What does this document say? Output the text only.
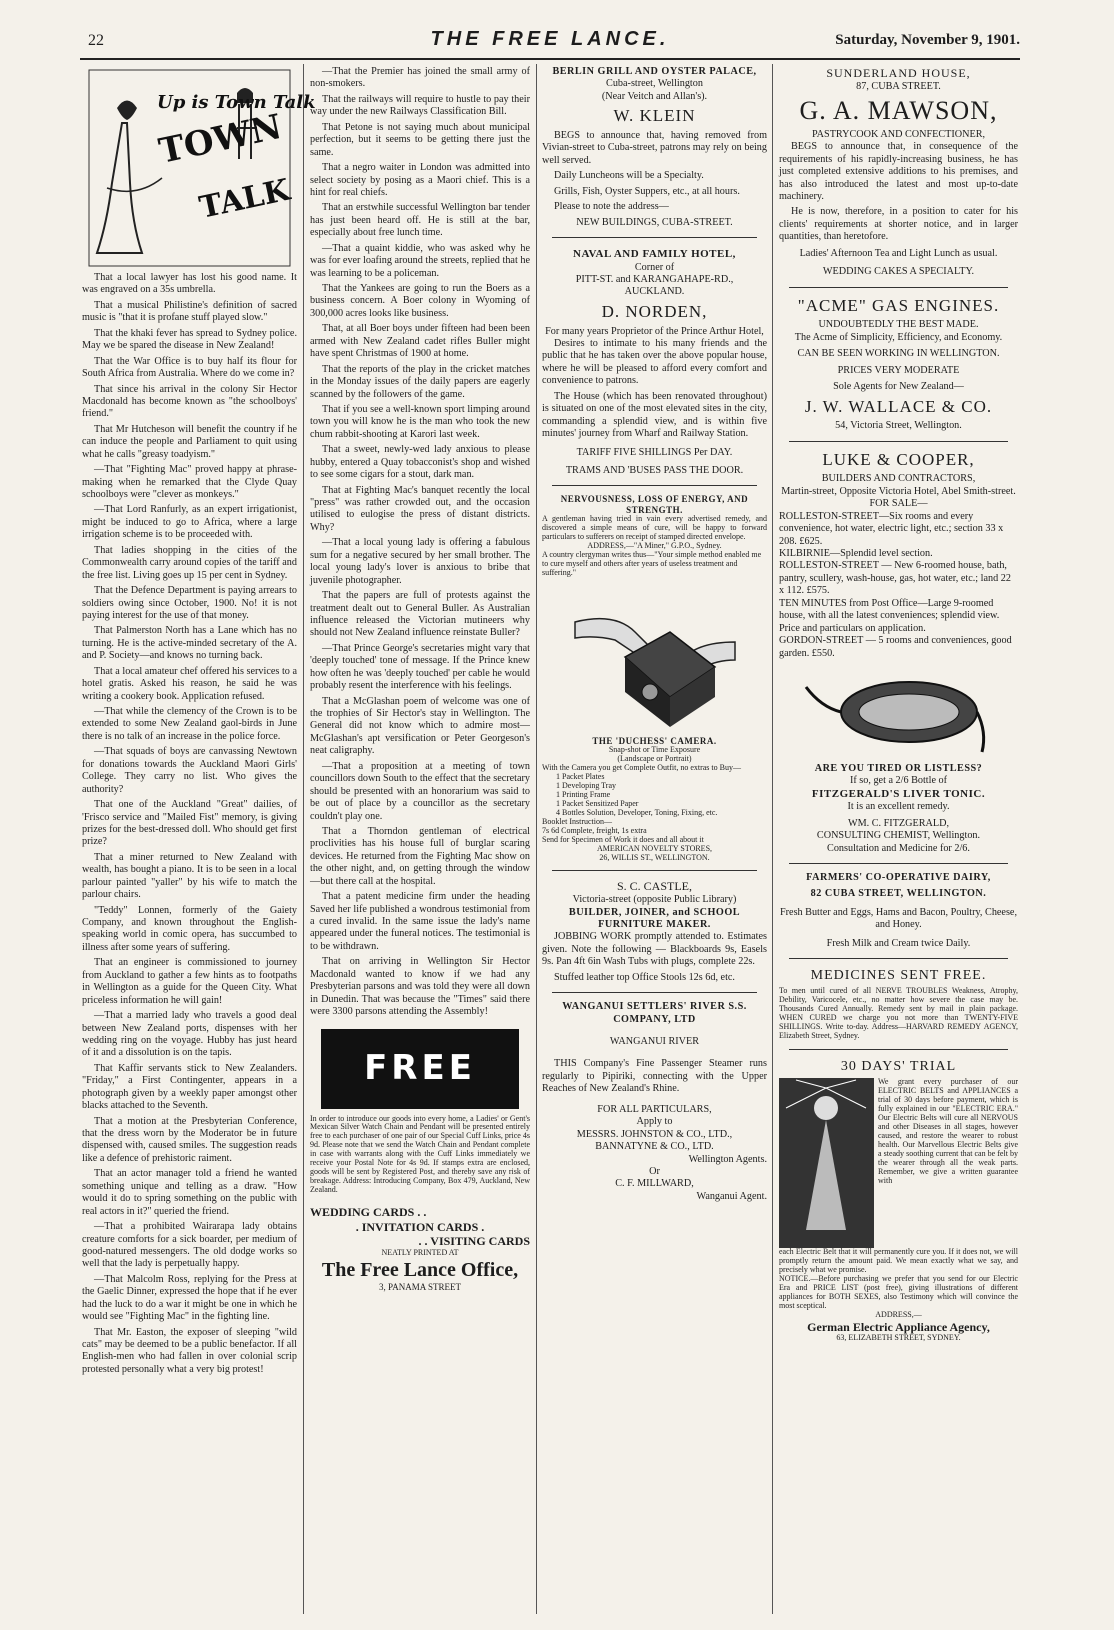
22	THE FREE LANCE.	Saturday, November 9, 1901.
Up is Town Talk
TOWN
TALK

That a local lawyer has lost his good name. It was engraved on a 35s umbrella.

That a musical Philistine's definition of sacred music is "that it is profane stuff played slow."

That the khaki fever has spread to Sydney police. May we be spared the disease in New Zealand!

That the War Office is to buy half its flour for South Africa from Australia. Where do we come in?

That since his arrival in the colony Sir Hector Macdonald has become known as "the schoolboys' friend."

That Mr Hutcheson will benefit the country if he can induce the people and Parliament to quit using what he calls "greasy toadyism."

—That "Fighting Mac" proved happy at phrase-making when he remarked that the Clyde Quay schoolboys were "clever as monkeys."

—That Lord Ranfurly, as an expert irrigationist, might be induced to go to Africa, where a large irrigation scheme is to be proceeded with.

That ladies shopping in the cities of the Commonwealth carry around copies of the tariff and the free list. Living goes up 15 per cent in Sydney.

That the Defence Department is paying arrears to soldiers owing since October, 1900. No! it is not paying interest for the use of that money.

That Palmerston North has a Lane which has no turning. He is the active-minded secretary of the A. and P. Society—and knows no turning back.

That a local amateur chef offered his services to a hotel gratis. Asked his reason, he said he was writing a cookery book. Application refused.

—That while the clemency of the Crown is to be extended to some New Zealand gaol-birds in June there is no talk of an increase in the police force.

—That squads of boys are canvassing Newtown for donations towards the Auckland Maori Girls' College. They carry no list. Who gives the authority?

That one of the Auckland "Great" dailies, of 'Frisco service and "Mailed Fist" memory, is giving prizes for the best-dressed doll. Who should get first prize?

That a miner returned to New Zealand with wealth, has bought a piano. It is to be seen in a local parlour painted "yaller" by his wife to match the parlour chairs.

"Teddy" Lonnen, formerly of the Gaiety Company, and known throughout the English-speaking world in comic opera, has succumbed to illness after some years of suffering.

That an engineer is commissioned to journey from Auckland to gather a few hints as to footpaths in Wellington as a guide for the Queen City. What priceless information he will gain!

—That a married lady who travels a good deal between New Zealand ports, dispenses with her wedding ring on the voyage. Hubby has just heard of it and a dissolution is on the tapis.

That Kaffir servants stick to New Zealanders. "Friday," a First Contingenter, appears in a photograph given by a weekly paper amongst other blacks attached to the Seventh.

That a motion at the Presbyterian Conference, that the dress worn by the Moderator be in future dispensed with, caused smiles. The suggestion reads like a defence of prehistoric raiment.

That an actor manager told a friend he wanted something unique and telling as a draw. "How would it do to spring something on the public with real actors in it?" queried the friend.

—That a prohibited Wairarapa lady obtains creature comforts for a sick boarder, per medium of good-natured messengers. The old dodge works so well that the lady is perpetually happy.

—That Malcolm Ross, replying for the Press at the Gaelic Dinner, expressed the hope that if he ever had the luck to do a war it might be one in which he would see "Fighting Mac" in the fighting line.

That Mr. Easton, the exposer of sleeping "wild cats" may be deemed to be a public benefactor. If all English-men who had fallen in over colonial scrip protested personally what a very big protest!

—That the Premier has joined the small army of non-smokers.

That the railways will require to hustle to pay their way under the new Railways Classification Bill.

That Petone is not saying much about municipal perfection, but it seems to be getting there just the same.

That a negro waiter in London was admitted into select society by posing as a Maori chief. This is a hint for real chiefs.

That an erstwhile successful Wellington bar tender has just been heard off. He is still at the bar, especially about free lunch time.

—That a quaint kiddie, who was asked why he was for ever loafing around the streets, replied that he was learning to be a policeman.

That the Yankees are going to run the Boers as a business concern. A Boer colony in Wyoming of 300,000 acres looks like business.

That, at all Boer boys under fifteen had been been armed with New Zealand cadet rifles Buller might have spent Christmas of 1900 at home.

That the reports of the play in the cricket matches in the Monday issues of the daily papers are eagerly scanned by the followers of the game.

That if you see a well-known sport limping around town you will know he is the man who took the new chum rabbit-shooting at Karori last week.

That a sweet, newly-wed lady anxious to please hubby, entered a Quay tobacconist's shop and wished to see some cigars for a stout, dark man.

That at Fighting Mac's banquet recently the local "press" was rather crowded out, and the occasion utilised to eulogise the press of distant districts. Why?

—That a local young lady is offering a fabulous sum for a negative secured by her small brother. The local young lady's lover is anxious to bribe that juvenile photographer.

That the papers are full of protests against the treatment dealt out to General Buller. As Australian influence released the Victorian mutineers why should not New Zealand influence reinstate Buller?

—That Prince George's secretaries might vary that 'deeply touched' tone of message. If the Prince knew how often he was 'deeply touched' per cable he would probably resent the interference with his feelings.

That a McGlashan poem of welcome was one of the trophies of Sir Hector's stay in Wellington. The General did not know which to admire most—McGlashan's apt versification or Peter Georgeson's neat caligraphy.

—That a proposition at a meeting of town councillors down South to the effect that the secretary should be presented with an honorarium was said to be out of place by a councillor as the secretary couldn't play one.

That a Thorndon gentleman of electrical proclivities has his house full of burglar scaring devices. He returned from the Fighting Mac show on the other night, and, on getting through the window—but there call at the hospital.

That a patent medicine firm under the heading Saved her life published a wondrous testimonial from a cured invalid. In the same issue the lady's name appeared under the funeral notices. The testimonial is to be withdrawn.

That on arriving in Wellington Sir Hector Macdonald wanted to know if we had any Presbyterian parsons and was told they were all down in Dunedin. That was because the "Times" said there were 3300 parsons attending the Assembly!

FREE
In order to introduce our goods into every home, a Ladies' or Gent's Mexican Silver Watch Chain and Pendant will be presented entirely free to each purchaser of one pair of our Special Cuff Links, price 4s 9d. Please note that we send the Watch Chain and Pendant complete in case with warrants along with the Cuff Links immediately we receive your Postal Note for 4s 9d. If stamps extra are enclosed, goods will be sent by Registered Post, and thereby save any risk of breakage. Address: Introducing Company, Box 479, Auckland, New Zealand.
WEDDING CARDS . .
. INVITATION CARDS .
. . VISITING CARDS
NEATLY PRINTED AT
The Free Lance Office,
3, PANAMA STREET
BERLIN GRILL AND OYSTER PALACE,
Cuba-street, Wellington
(Near Veitch and Allan's).
W. KLEIN

BEGS to announce that, having removed from Vivian-street to Cuba-street, patrons may rely on being well served.

Daily Luncheons will be a Specialty.

Grills, Fish, Oyster Suppers, etc., at all hours.

Please to note the address—

NEW BUILDINGS, CUBA-STREET.
NAVAL AND FAMILY HOTEL,
Corner of
PITT-ST. and KARANGAHAPE-RD.,
AUCKLAND.
D. NORDEN,
For many years Proprietor of the Prince Arthur Hotel,

Desires to intimate to his many friends and the public that he has taken over the above popular house, where he will be pleased to afford every comfort and convenience to patrons.

The House (which has been renovated throughout) is situated on one of the most elevated sites in the city, commanding a splendid view, and is within five minutes' journey from Wharf and Railway Station.

TARIFF FIVE SHILLINGS Per DAY.
TRAMS AND 'BUSES PASS THE DOOR.
NERVOUSNESS, LOSS OF ENERGY, AND STRENGTH.
A gentleman having tried in vain every advertised remedy, and discovered a simple means of cure, will be happy to forward particulars to sufferers on receipt of stamped directed envelope.
ADDRESS,—"A Miner," G.P.O., Sydney.
A country clergyman writes thus—"Your simple method enabled me to cure myself and others after years of useless treatment and suffering."
THE 'DUCHESS' CAMERA.
Snap-shot or Time Exposure
(Landscape or Portrait)
With the Camera you get Complete Outfit, no extras to Buy—
1 Packet Plates
1 Developing Tray
1 Printing Frame
1 Packet Sensitized Paper
4 Bottles Solution, Developer, Toning, Fixing, etc.
Booklet Instruction—
7s 6d Complete, freight, 1s extra
Send for Specimen of Work it does and all about it
AMERICAN NOVELTY STORES,
26, WILLIS ST., WELLINGTON.
S. C. CASTLE,
Victoria-street (opposite Public Library)
BUILDER, JOINER, and SCHOOL FURNITURE MAKER.

JOBBING WORK promptly attended to. Estimates given. Note the following — Blackboards 9s, Easels 9s. Pan 4ft 6in Wash Tubs with plugs, complete 22s.

Stuffed leather top Office Stools 12s 6d, etc.

WANGANUI SETTLERS' RIVER S.S. COMPANY, LTD
WANGANUI RIVER

THIS Company's Fine Passenger Steamer runs regularly to Pipiriki, connecting with the Upper Reaches of New Zealand's Rhine.

FOR ALL PARTICULARS,
Apply to
MESSRS. JOHNSTON & CO., LTD.,
BANNATYNE & CO., LTD.
Wellington Agents.
Or
C. F. MILLWARD,
Wanganui Agent.
SUNDERLAND HOUSE,
87, CUBA STREET.
G. A. MAWSON,
PASTRYCOOK AND CONFECTIONER,

BEGS to announce that, in consequence of the requirements of his rapidly-increasing business, he has just completed extensive additions to his premises, and has also introduced the latest and most up-to-date machinery.

He is now, therefore, in a position to cater for his clients' requirements at shorter notice, and in larger quantities, than heretofore.

Ladies' Afternoon Tea and Light Lunch as usual.
WEDDING CAKES A SPECIALTY.
"ACME" GAS ENGINES.
UNDOUBTEDLY THE BEST MADE.
The Acme of Simplicity, Efficiency, and Economy.
CAN BE SEEN WORKING IN WELLINGTON.
PRICES VERY MODERATE
Sole Agents for New Zealand—
J. W. WALLACE & CO.
54, Victoria Street, Wellington.
LUKE & COOPER,
BUILDERS AND CONTRACTORS,
Martin-street, Opposite Victoria Hotel, Abel Smith-street.
FOR SALE—
ROLLESTON-STREET—Six rooms and every convenience, hot water, electric light, etc.; section 33 x 208. £625.
KILBIRNIE—Splendid level section.
ROLLESTON-STREET — New 6-roomed house, bath, pantry, scullery, wash-house, gas, hot water, etc.; land 22 x 112. £575.
TEN MINUTES from Post Office—Large 9-roomed house, with all the latest conveniences; splendid view. Price and particulars on application.
GORDON-STREET — 5 rooms and conveniences, good garden. £550.
ARE YOU TIRED OR LISTLESS?
If so, get a 2/6 Bottle of
FITZGERALD'S LIVER TONIC.
It is an excellent remedy.
WM. C. FITZGERALD,
CONSULTING CHEMIST, Wellington.
Consultation and Medicine for 2/6.
FARMERS' CO-OPERATIVE DAIRY,
82 CUBA STREET, WELLINGTON.
Fresh Butter and Eggs, Hams and Bacon, Poultry, Cheese, and Honey.
Fresh Milk and Cream twice Daily.
MEDICINES SENT FREE.
To men until cured of all NERVE TROUBLES Weakness, Atrophy, Debility, Varicocele, etc., no matter how severe the case may be. Thousands Cured Annually. Remedy sent by mail in plain package. WHEN CURED we charge you not more than TWENTY-FIVE SHILLINGS. Write to-day. Address—HARVARD REMEDY AGENCY, Elizabeth Street, Sydney.
30 DAYS' TRIAL
We grant every purchaser of our ELECTRIC BELTS and APPLIANCES a trial of 30 days before payment, which is fully explained in our "ELECTRIC ERA." Our Electric Belts will cure all NERVOUS and other Diseases in all stages, however caused, and restore the wearer to robust health. Our Marvellous Electric Belts give a steady soothing current that can be felt by the wearer through all the weak parts. Remember, we give a written guarantee with
each Electric Belt that it will permanently cure you. If it does not, we will promptly return the amount paid. We mean exactly what we say, and precisely what we promise.
NOTICE.—Before purchasing we prefer that you send for our Electric Era and PRICE LIST (post free), giving illustrations of different appliances for BOTH SEXES, also Testimony which will convince the most sceptical.
ADDRESS,—
German Electric Appliance Agency,
63, ELIZABETH STREET, SYDNEY.
